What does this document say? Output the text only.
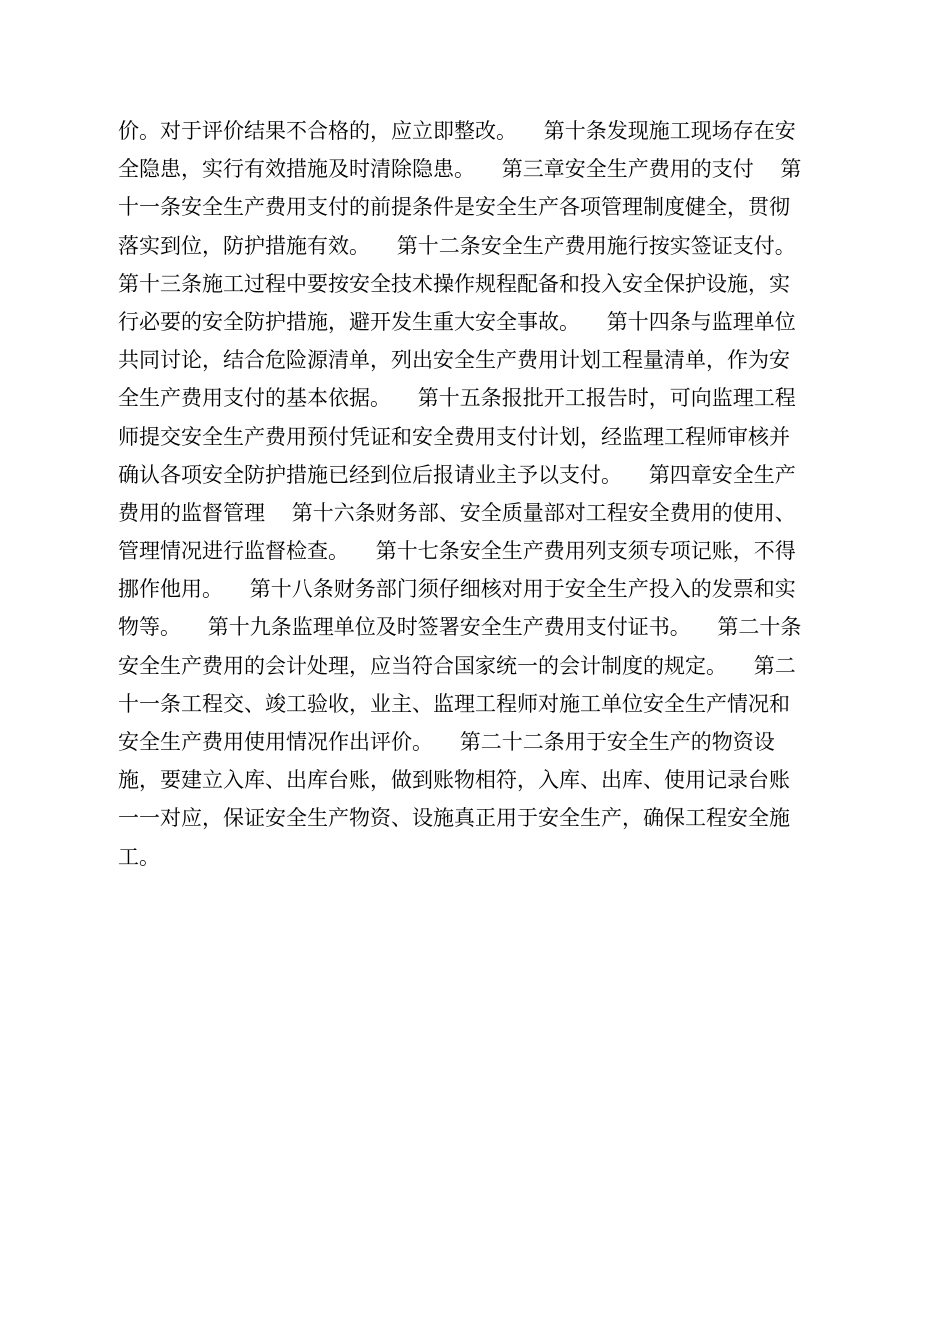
价。对于评价结果不合格的，应立即整改。    第十条发现施工现场存在安
全隐患，实行有效措施及时清除隐患。    第三章安全生产费用的支付    第
十一条安全生产费用支付的前提条件是安全生产各项管理制度健全，贯彻
落实到位，防护措施有效。    第十二条安全生产费用施行按实签证支付。
第十三条施工过程中要按安全技术操作规程配备和投入安全保护设施，实
行必要的安全防护措施，避开发生重大安全事故。    第十四条与监理单位
共同讨论，结合危险源清单，列出安全生产费用计划工程量清单，作为安
全生产费用支付的基本依据。    第十五条报批开工报告时，可向监理工程
师提交安全生产费用预付凭证和安全费用支付计划，经监理工程师审核并
确认各项安全防护措施已经到位后报请业主予以支付。    第四章安全生产
费用的监督管理    第十六条财务部、安全质量部对工程安全费用的使用、
管理情况进行监督检查。    第十七条安全生产费用列支须专项记账，不得
挪作他用。    第十八条财务部门须仔细核对用于安全生产投入的发票和实
物等。    第十九条监理单位及时签署安全生产费用支付证书。    第二十条
安全生产费用的会计处理，应当符合国家统一的会计制度的规定。    第二
十一条工程交、竣工验收，业主、监理工程师对施工单位安全生产情况和
安全生产费用使用情况作出评价。    第二十二条用于安全生产的物资设
施，要建立入库、出库台账，做到账物相符，入库、出库、使用记录台账
一一对应，保证安全生产物资、设施真正用于安全生产，确保工程安全施
工。
